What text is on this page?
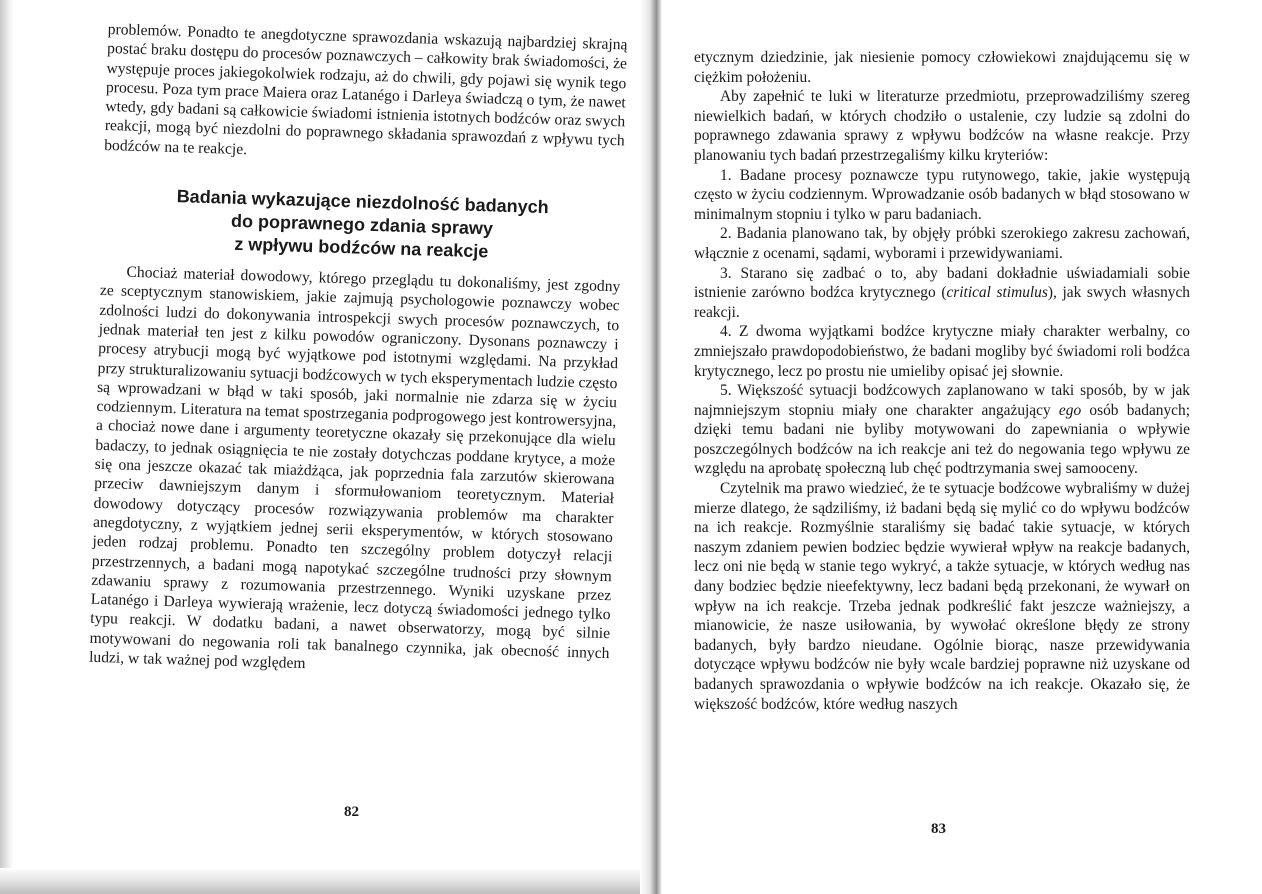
problemów. Ponadto te anegdotyczne sprawozdania wskazują najbardziej skrajną postać braku dostępu do procesów poznawczych – całkowity brak świadomości, że występuje proces jakiegokolwiek rodzaju, aż do chwili, gdy pojawi się wynik tego procesu. Poza tym prace Maiera oraz Latanégo i Darleya świadczą o tym, że nawet wtedy, gdy badani są całkowicie świadomi istnienia istotnych bodźców oraz swych reakcji, mogą być niezdolni do poprawnego składania sprawozdań z wpływu tych bodźców na te reakcje.

Badania wykazujące niezdolność badanych
do poprawnego zdania sprawy
z wpływu bodźców na reakcje

Chociaż materiał dowodowy, którego przeglądu tu dokonaliśmy, jest zgodny ze sceptycznym stanowiskiem, jakie zajmują psychologowie poznawczy wobec zdolności ludzi do dokonywania introspekcji swych procesów poznawczych, to jednak materiał ten jest z kilku powodów ograniczony. Dysonans poznawczy i procesy atrybucji mogą być wyjątkowe pod istotnymi względami. Na przykład przy strukturalizowaniu sytuacji bodźcowych w tych eksperymentach ludzie często są wprowadzani w błąd w taki sposób, jaki normalnie nie zdarza się w życiu codziennym. Literatura na temat spostrzegania podprogowego jest kontrowersyjna, a chociaż nowe dane i argumenty teoretyczne okazały się przekonujące dla wielu badaczy, to jednak osiągnięcia te nie zostały dotychczas poddane krytyce, a może się ona jeszcze okazać tak miażdżąca, jak poprzednia fala zarzutów skierowana przeciw dawniejszym danym i sformułowaniom teoretycznym. Materiał dowodowy dotyczący procesów rozwiązywania problemów ma charakter anegdotyczny, z wyjątkiem jednej serii eksperymentów, w których stosowano jeden rodzaj problemu. Ponadto ten szczególny problem dotyczył relacji przestrzennych, a badani mogą napotykać szczególne trudności przy słownym zdawaniu sprawy z rozumowania przestrzennego. Wyniki uzyskane przez Latanégo i Darleya wywierają wrażenie, lecz dotyczą świadomości jednego tylko typu reakcji. W dodatku badani, a nawet obserwatorzy, mogą być silnie motywowani do negowania roli tak banalnego czynnika, jak obecność innych ludzi, w tak ważnej pod względem

82

etycznym dziedzinie, jak niesienie pomocy człowiekowi znajdującemu się w ciężkim położeniu.

Aby zapełnić te luki w literaturze przedmiotu, przeprowadziliśmy szereg niewielkich badań, w których chodziło o ustalenie, czy ludzie są zdolni do poprawnego zdawania sprawy z wpływu bodźców na własne reakcje. Przy planowaniu tych badań przestrzegaliśmy kilku kryteriów:

1. Badane procesy poznawcze typu rutynowego, takie, jakie występują często w życiu codziennym. Wprowadzanie osób badanych w błąd stosowano w minimalnym stopniu i tylko w paru badaniach.

2. Badania planowano tak, by objęły próbki szerokiego zakresu zachowań, włącznie z ocenami, sądami, wyborami i przewidywaniami.

3. Starano się zadbać o to, aby badani dokładnie uświadamiali sobie istnienie zarówno bodźca krytycznego (critical stimulus), jak swych własnych reakcji.

4. Z dwoma wyjątkami bodźce krytyczne miały charakter werbalny, co zmniejszało prawdopodobieństwo, że badani mogliby być świadomi roli bodźca krytycznego, lecz po prostu nie umieliby opisać jej słownie.

5. Większość sytuacji bodźcowych zaplanowano w taki sposób, by w jak najmniejszym stopniu miały one charakter angażujący ego osób badanych; dzięki temu badani nie byliby motywowani do zapewniania o wpływie poszczególnych bodźców na ich reakcje ani też do negowania tego wpływu ze względu na aprobatę społeczną lub chęć podtrzymania swej samooceny.

Czytelnik ma prawo wiedzieć, że te sytuacje bodźcowe wybraliśmy w dużej mierze dlatego, że sądziliśmy, iż badani będą się mylić co do wpływu bodźców na ich reakcje. Rozmyślnie staraliśmy się badać takie sytuacje, w których naszym zdaniem pewien bodziec będzie wywierał wpływ na reakcje badanych, lecz oni nie będą w stanie tego wykryć, a także sytuacje, w których według nas dany bodziec będzie nieefektywny, lecz badani będą przekonani, że wywarł on wpływ na ich reakcje. Trzeba jednak podkreślić fakt jeszcze ważniejszy, a mianowicie, że nasze usiłowania, by wywołać określone błędy ze strony badanych, były bardzo nieudane. Ogólnie biorąc, nasze przewidywania dotyczące wpływu bodźców nie były wcale bardziej poprawne niż uzyskane od badanych sprawozdania o wpływie bodźców na ich reakcje. Okazało się, że większość bodźców, które według naszych

83
